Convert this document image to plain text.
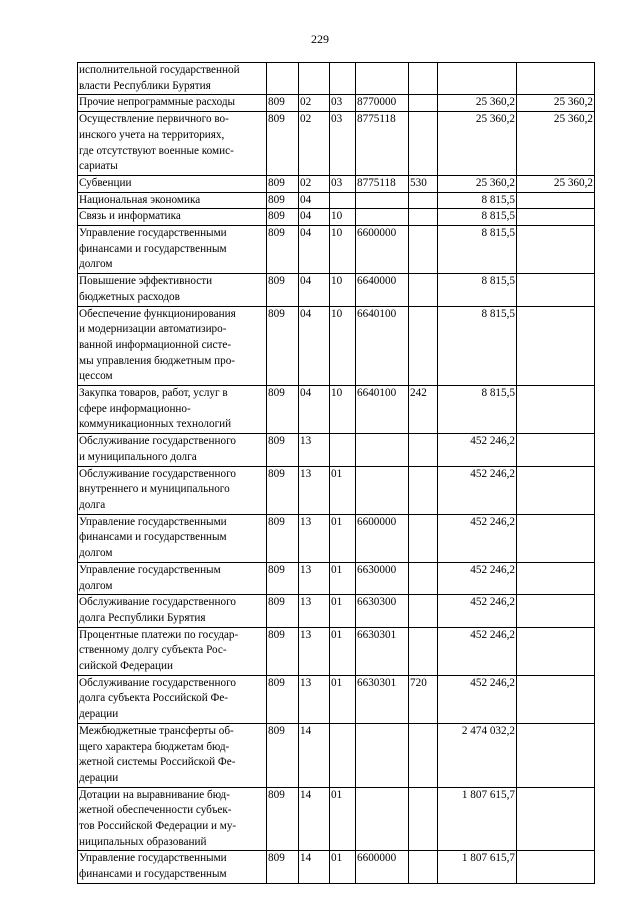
229
исполнительной государственной
власти Республики Бурятия							

Прочие непрограммные расходы	809	02	03	8770000		25 360,2	25 360,2

Осуществление первичного во-
инского учета на территориях,
где отсутствуют военные комис-
сариаты	809	02	03	8775118		25 360,2	25 360,2

Субвенции	809	02	03	8775118	530	25 360,2	25 360,2

Национальная экономика	809	04				8 815,5	

Связь и информатика	809	04	10			8 815,5	

Управление государственными
финансами и государственным
долгом	809	04	10	6600000		8 815,5	

Повышение эффективности
бюджетных расходов	809	04	10	6640000		8 815,5	

Обеспечение функционирования
и модернизации автоматизиро-
ванной информационной систе-
мы управления бюджетным про-
цессом	809	04	10	6640100		8 815,5	

Закупка товаров, работ, услуг в
сфере информационно-
коммуникационных технологий	809	04	10	6640100	242	8 815,5	

Обслуживание государственного
и муниципального долга	809	13				452 246,2	

Обслуживание государственного
внутреннего и муниципального
долга	809	13	01			452 246,2	

Управление государственными
финансами и государственным
долгом	809	13	01	6600000		452 246,2	

Управление государственным
долгом	809	13	01	6630000		452 246,2	

Обслуживание государственного
долга Республики Бурятия	809	13	01	6630300		452 246,2	

Процентные платежи по государ-
ственному долгу субъекта Рос-
сийской Федерации	809	13	01	6630301		452 246,2	

Обслуживание государственного
долга субъекта Российской Фе-
дерации	809	13	01	6630301	720	452 246,2	

Межбюджетные трансферты об-
щего характера бюджетам бюд-
жетной системы Российской Фе-
дерации	809	14				2 474 032,2	

Дотации на выравнивание бюд-
жетной обеспеченности субъек-
тов Российской Федерации и му-
ниципальных образований	809	14	01			1 807 615,7	

Управление государственными
финансами и государственным	809	14	01	6600000		1 807 615,7	
